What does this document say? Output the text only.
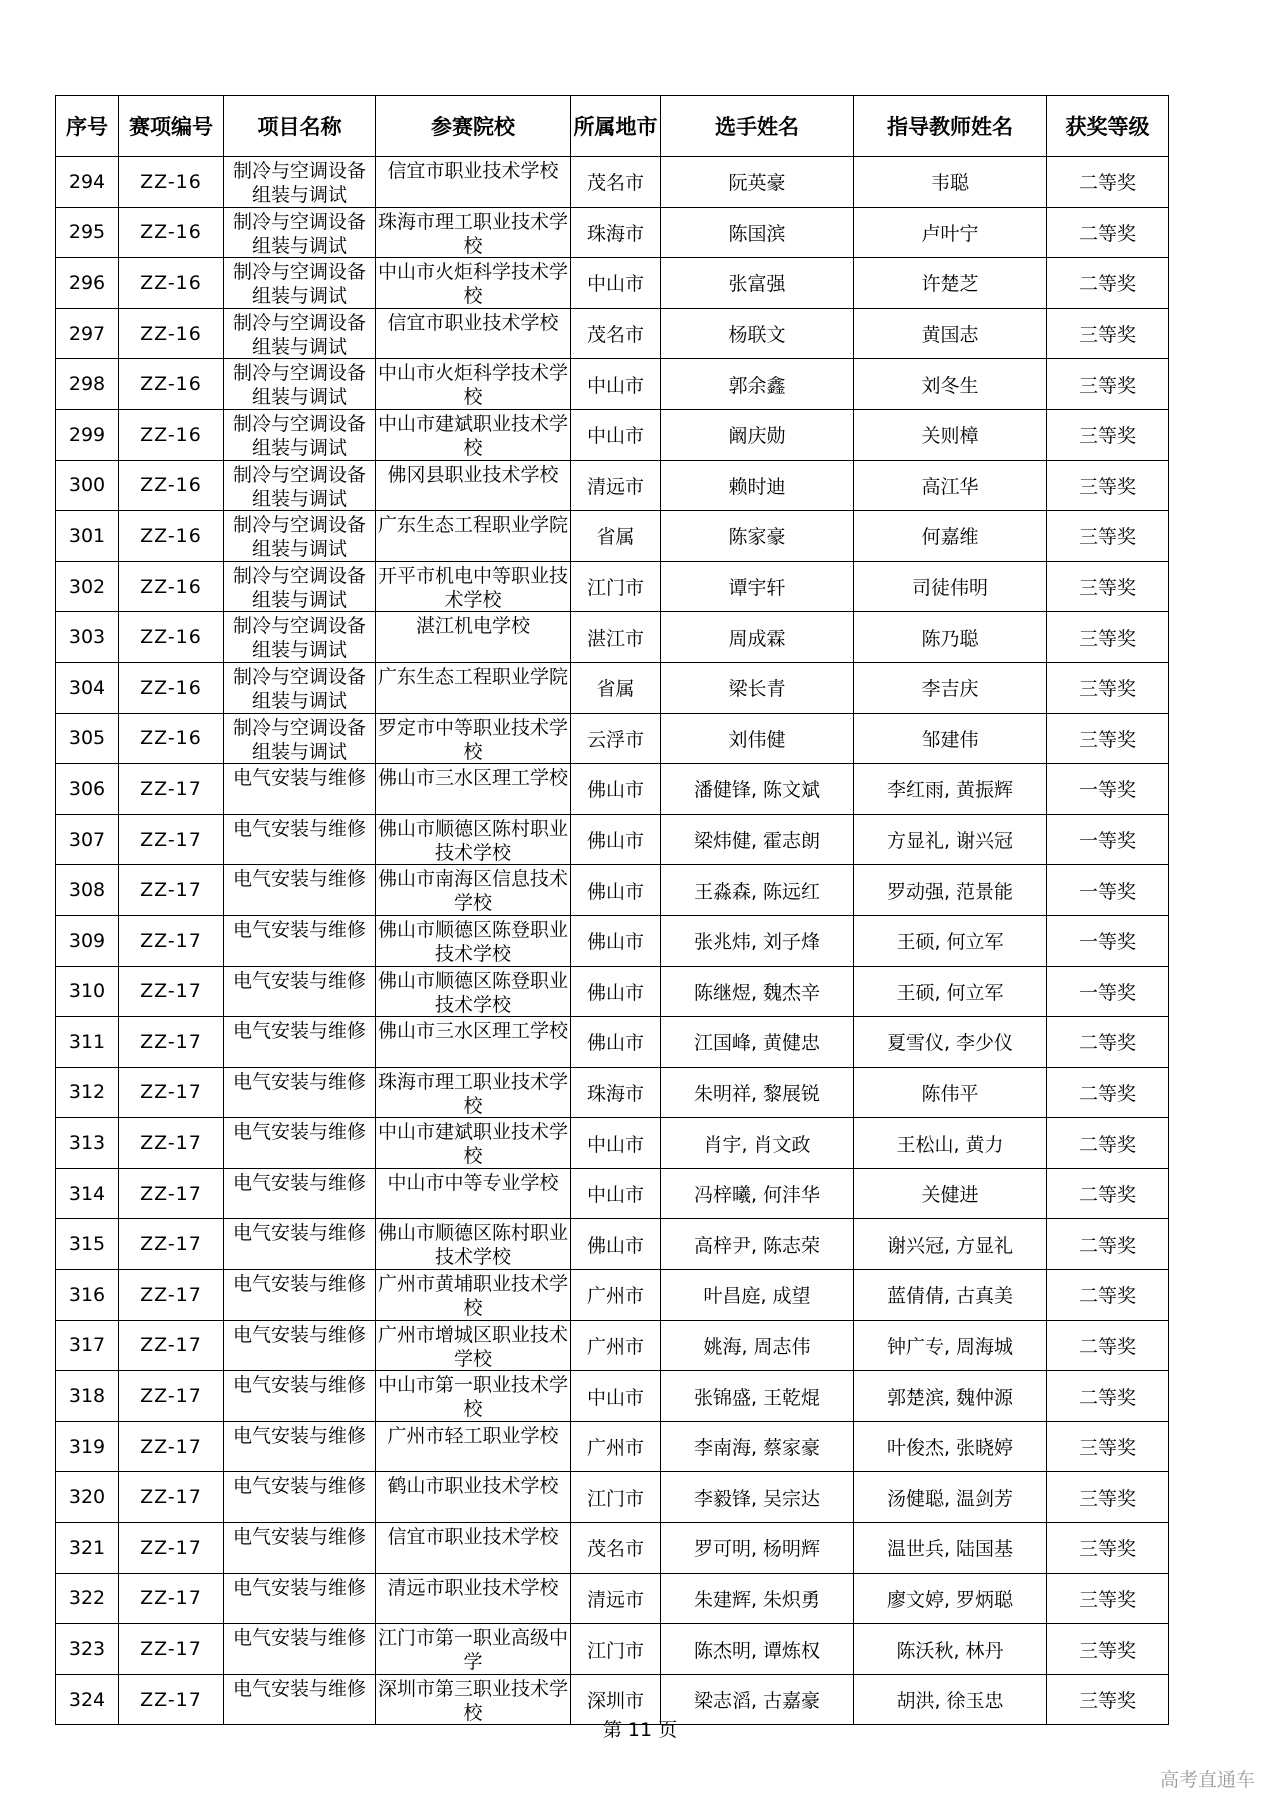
序号	赛项编号	项目名称	参赛院校	所属地市	选手姓名	指导教师姓名	获奖等级
294	ZZ-16	制冷与空调设备组装与调试	信宜市职业技术学校	茂名市	阮英豪	韦聪	二等奖
295	ZZ-16	制冷与空调设备组装与调试	珠海市理工职业技术学校	珠海市	陈国滨	卢叶宁	二等奖
296	ZZ-16	制冷与空调设备组装与调试	中山市火炬科学技术学校	中山市	张富强	许楚芝	二等奖
297	ZZ-16	制冷与空调设备组装与调试	信宜市职业技术学校	茂名市	杨联文	黄国志	三等奖
298	ZZ-16	制冷与空调设备组装与调试	中山市火炬科学技术学校	中山市	郭余鑫	刘冬生	三等奖
299	ZZ-16	制冷与空调设备组装与调试	中山市建斌职业技术学校	中山市	阚庆勋	关则樟	三等奖
300	ZZ-16	制冷与空调设备组装与调试	佛冈县职业技术学校	清远市	赖时迪	高江华	三等奖
301	ZZ-16	制冷与空调设备组装与调试	广东生态工程职业学院	省属	陈家豪	何嘉维	三等奖
302	ZZ-16	制冷与空调设备组装与调试	开平市机电中等职业技术学校	江门市	谭宇轩	司徒伟明	三等奖
303	ZZ-16	制冷与空调设备组装与调试	湛江机电学校	湛江市	周成霖	陈乃聪	三等奖
304	ZZ-16	制冷与空调设备组装与调试	广东生态工程职业学院	省属	梁长青	李吉庆	三等奖
305	ZZ-16	制冷与空调设备组装与调试	罗定市中等职业技术学校	云浮市	刘伟健	邹建伟	三等奖
306	ZZ-17	电气安装与维修	佛山市三水区理工学校	佛山市	潘健锋, 陈文斌	李红雨, 黄振辉	一等奖
307	ZZ-17	电气安装与维修	佛山市顺德区陈村职业技术学校	佛山市	梁炜健, 霍志朗	方显礼, 谢兴冠	一等奖
308	ZZ-17	电气安装与维修	佛山市南海区信息技术学校	佛山市	王淼森, 陈远红	罗动强, 范景能	一等奖
309	ZZ-17	电气安装与维修	佛山市顺德区陈登职业技术学校	佛山市	张兆炜, 刘子烽	王硕, 何立军	一等奖
310	ZZ-17	电气安装与维修	佛山市顺德区陈登职业技术学校	佛山市	陈继煜, 魏杰辛	王硕, 何立军	一等奖
311	ZZ-17	电气安装与维修	佛山市三水区理工学校	佛山市	江国峰, 黄健忠	夏雪仪, 李少仪	二等奖
312	ZZ-17	电气安装与维修	珠海市理工职业技术学校	珠海市	朱明祥, 黎展锐	陈伟平	二等奖
313	ZZ-17	电气安装与维修	中山市建斌职业技术学校	中山市	肖宇, 肖文政	王松山, 黄力	二等奖
314	ZZ-17	电气安装与维修	中山市中等专业学校	中山市	冯梓曦, 何沣华	关健进	二等奖
315	ZZ-17	电气安装与维修	佛山市顺德区陈村职业技术学校	佛山市	高梓尹, 陈志荣	谢兴冠, 方显礼	二等奖
316	ZZ-17	电气安装与维修	广州市黄埔职业技术学校	广州市	叶昌庭, 成望	蓝倩倩, 古真美	二等奖
317	ZZ-17	电气安装与维修	广州市增城区职业技术学校	广州市	姚海, 周志伟	钟广专, 周海城	二等奖
318	ZZ-17	电气安装与维修	中山市第一职业技术学校	中山市	张锦盛, 王乾焜	郭楚滨, 魏仲源	二等奖
319	ZZ-17	电气安装与维修	广州市轻工职业学校	广州市	李南海, 蔡家豪	叶俊杰, 张晓婷	三等奖
320	ZZ-17	电气安装与维修	鹤山市职业技术学校	江门市	李毅锋, 吴宗达	汤健聪, 温剑芳	三等奖
321	ZZ-17	电气安装与维修	信宜市职业技术学校	茂名市	罗可明, 杨明辉	温世兵, 陆国基	三等奖
322	ZZ-17	电气安装与维修	清远市职业技术学校	清远市	朱建辉, 朱炽勇	廖文婷, 罗炳聪	三等奖
323	ZZ-17	电气安装与维修	江门市第一职业高级中学	江门市	陈杰明, 谭炼权	陈沃秋, 林丹	三等奖
324	ZZ-17	电气安装与维修	深圳市第三职业技术学校	深圳市	梁志滔, 古嘉豪	胡洪, 徐玉忠	三等奖
第 11 页
高考直通车
